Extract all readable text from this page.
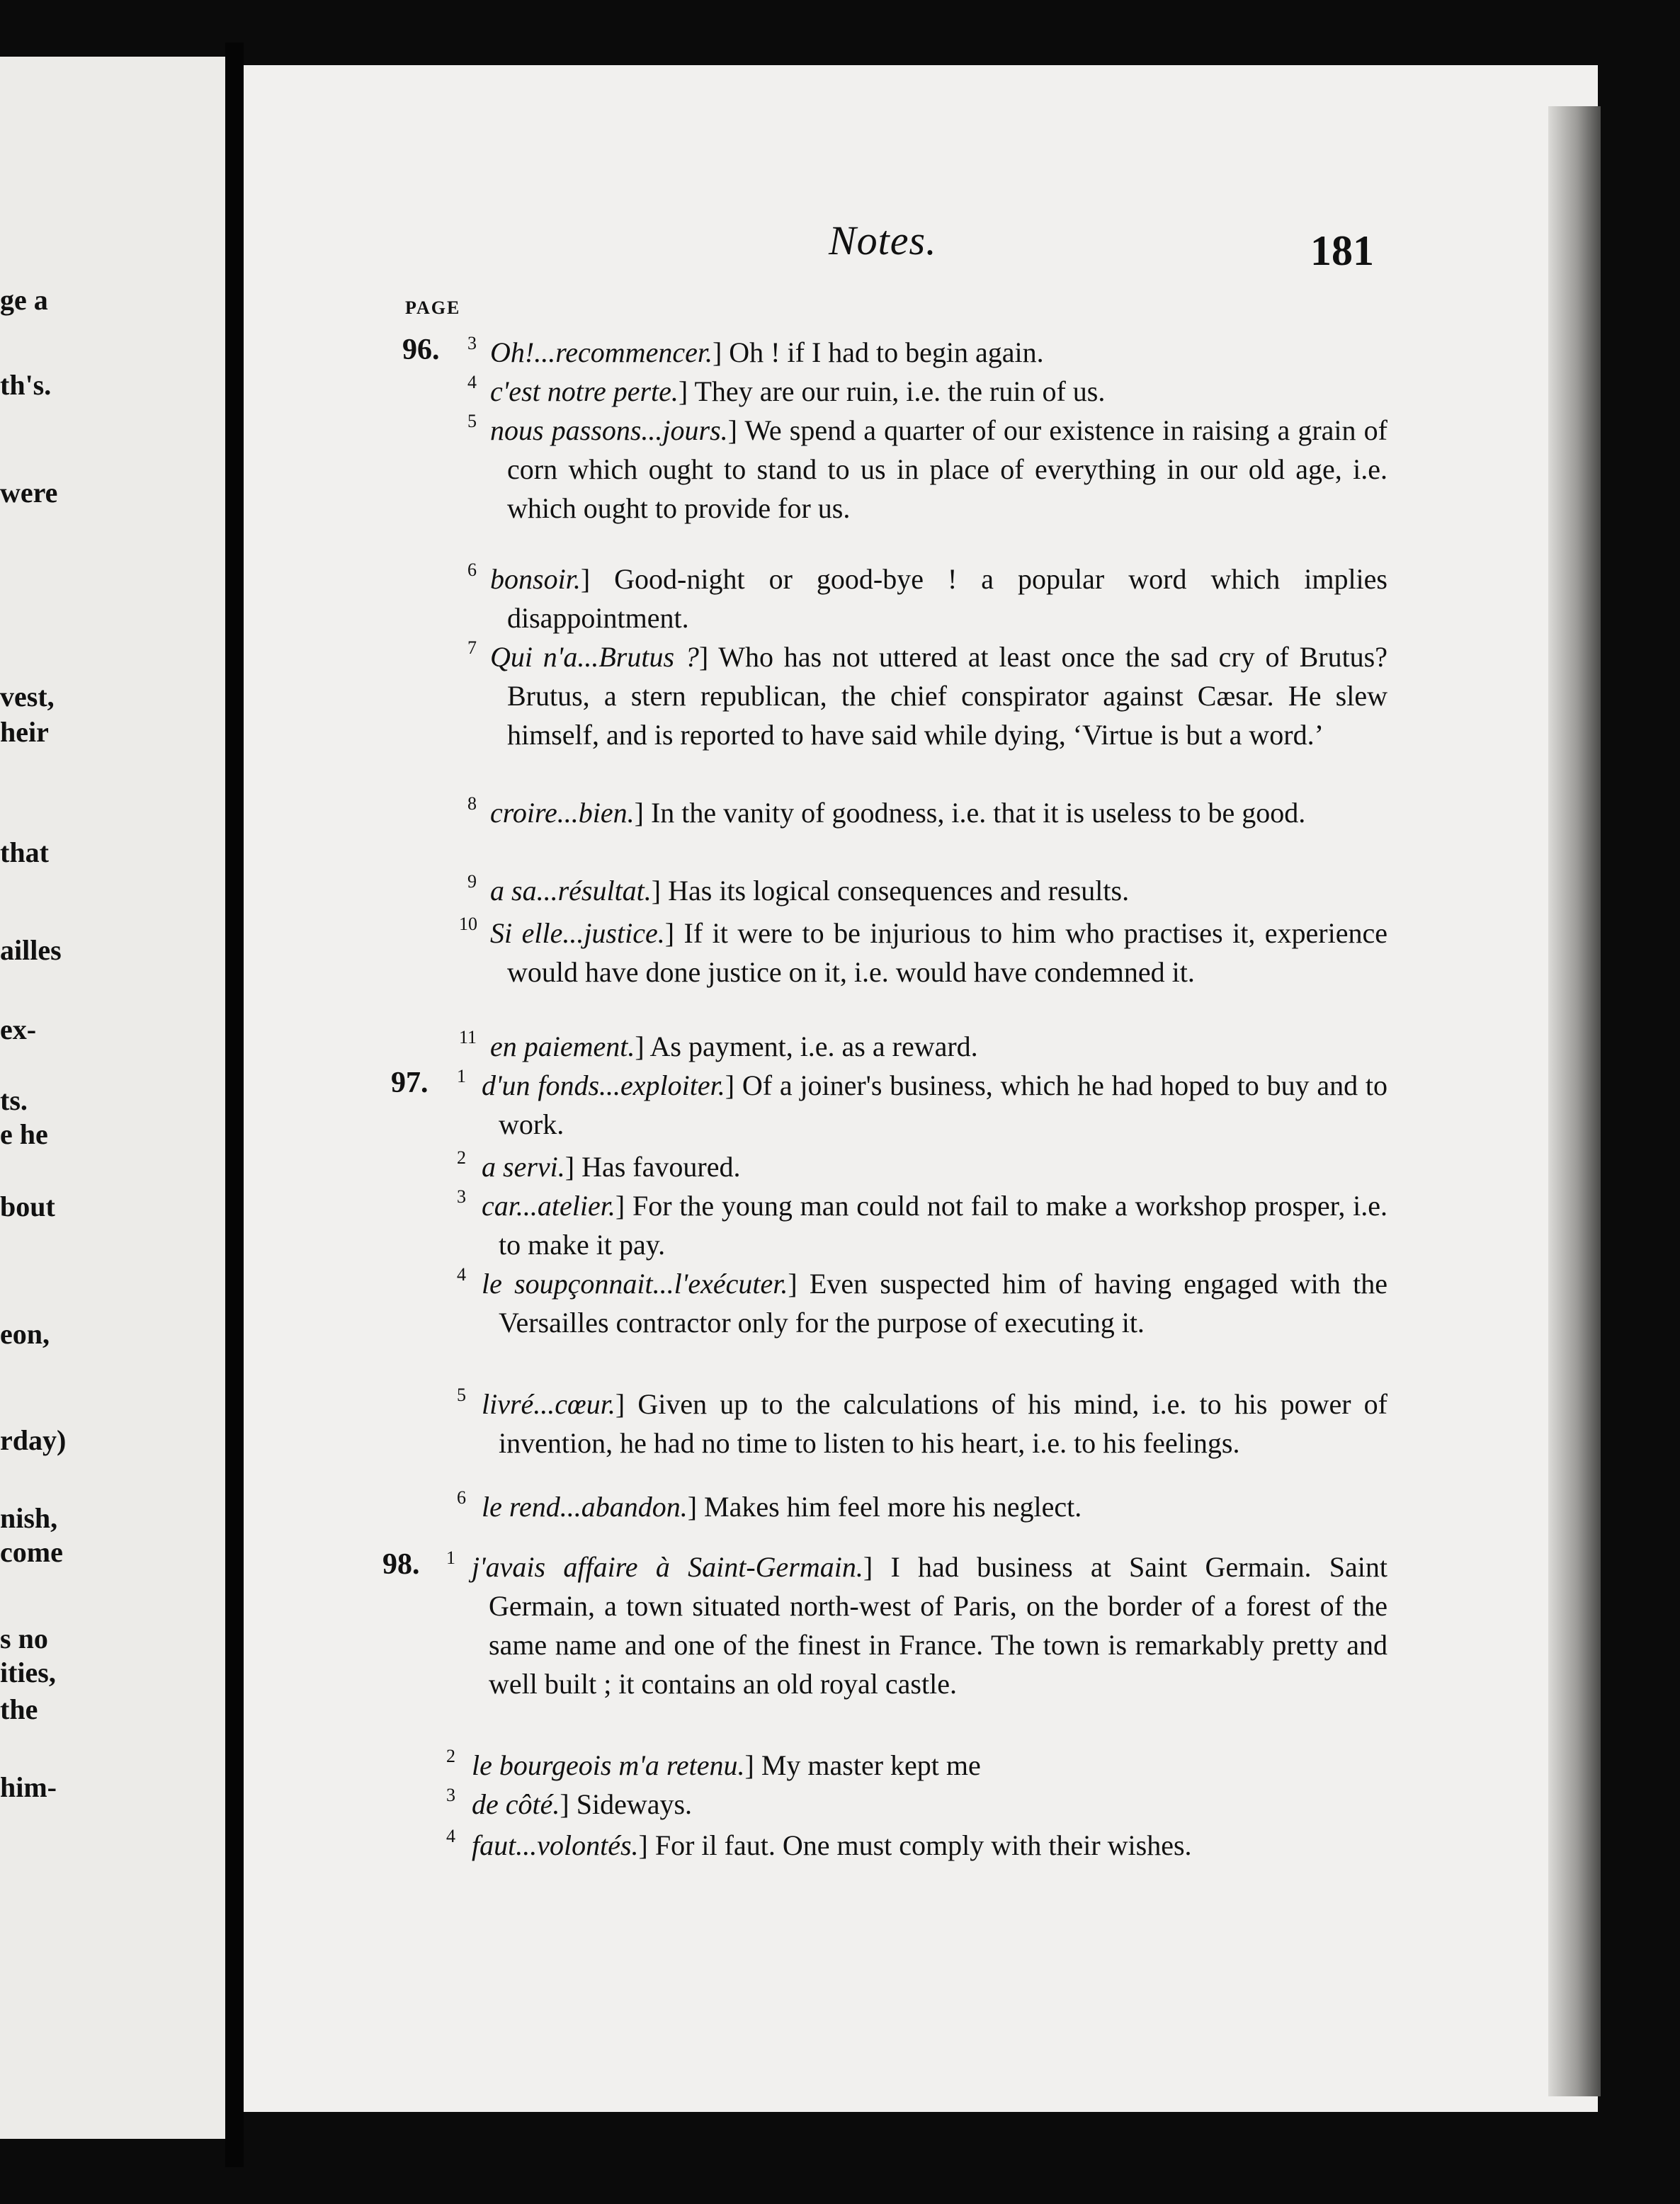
ge a
th's.
were
vest,
heir
that
ailles
ex-
ts.
e he
bout
eon,
rday)
nish,
come
s no
ities,
the
him-
Notes.	181
PAGE
96. 3 Oh!...recommencer.] Oh ! if I had to begin again.
4 c'est notre perte.] They are our ruin, i.e. the ruin of us.
5 nous passons...jours.] We spend a quarter of our existence in raising a grain of corn which ought to stand to us in place of everything in our old age, i.e. which ought to provide for us.
6 bonsoir.] Good-night or good-bye ! a popular word which implies disappointment.
7 Qui n'a...Brutus ?] Who has not uttered at least once the sad cry of Brutus? Brutus, a stern republican, the chief conspirator against Cæsar. He slew himself, and is reported to have said while dying, ‘Virtue is but a word.’
8 croire...bien.] In the vanity of goodness, i.e. that it is useless to be good.
9 a sa...résultat.] Has its logical consequences and results.
10 Si elle...justice.] If it were to be injurious to him who practises it, experience would have done justice on it, i.e. would have condemned it.
11 en paiement.] As payment, i.e. as a reward.
97. 1 d'un fonds...exploiter.] Of a joiner's business, which he had hoped to buy and to work.
2 a servi.] Has favoured.
3 car...atelier.] For the young man could not fail to make a workshop prosper, i.e. to make it pay.
4 le soupçonnait...l'exécuter.] Even suspected him of having engaged with the Versailles contractor only for the purpose of executing it.
5 livré...cœur.] Given up to the calculations of his mind, i.e. to his power of invention, he had no time to listen to his heart, i.e. to his feelings.
6 le rend...abandon.] Makes him feel more his neglect.
98. 1 j'avais affaire à Saint-Germain.] I had business at Saint Germain. Saint Germain, a town situated north-west of Paris, on the border of a forest of the same name and one of the finest in France. The town is remarkably pretty and well built ; it contains an old royal castle.
2 le bourgeois m'a retenu.] My master kept me
3 de côté.] Sideways.
4 faut...volontés.] For il faut. One must comply with their wishes.
